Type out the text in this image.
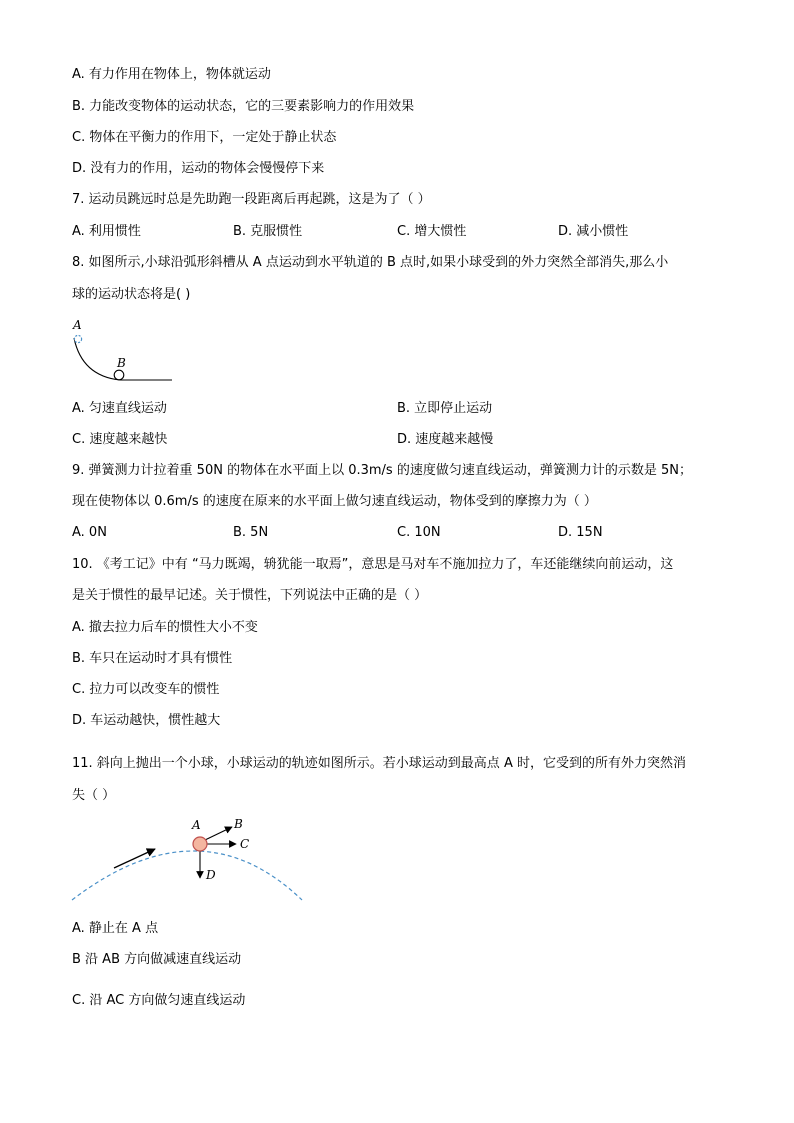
A. 有力作用在物体上，物体就运动
B. 力能改变物体的运动状态，它的三要素影响力的作用效果
C. 物体在平衡力的作用下，一定处于静止状态
D. 没有力的作用，运动的物体会慢慢停下来
7. 运动员跳远时总是先助跑一段距离后再起跳，这是为了（ ）
A. 利用惯性	B. 克服惯性	C. 增大惯性	D. 减小惯性
8. 如图所示,小球沿弧形斜槽从 A 点运动到水平轨道的 B 点时,如果小球受到的外力突然全部消失,那么小
球的运动状态将是( )
A
B
A. 匀速直线运动	B. 立即停止运动
C. 速度越来越快	D. 速度越来越慢
9. 弹簧测力计拉着重 50N 的物体在水平面上以 0.3m/s 的速度做匀速直线运动，弹簧测力计的示数是 5N；
现在使物体以 0.6m/s 的速度在原来的水平面上做匀速直线运动，物体受到的摩擦力为（ ）
A. 0N	B. 5N	C. 10N	D. 15N
10. 《考工记》中有 “马力既竭，辀犹能一取焉”，意思是马对车不施加拉力了，车还能继续向前运动，这
是关于惯性的最早记述。关于惯性，下列说法中正确的是（ ）
A. 撤去拉力后车的惯性大小不变
B. 车只在运动时才具有惯性
C. 拉力可以改变车的惯性
D. 车运动越快，惯性越大
11. 斜向上抛出一个小球，小球运动的轨迹如图所示。若小球运动到最高点 A 时，它受到的所有外力突然消
失（ ）
A	B
C
D
A. 静止在 A 点
B 沿 AB 方向做减速直线运动
C. 沿 AC 方向做匀速直线运动
